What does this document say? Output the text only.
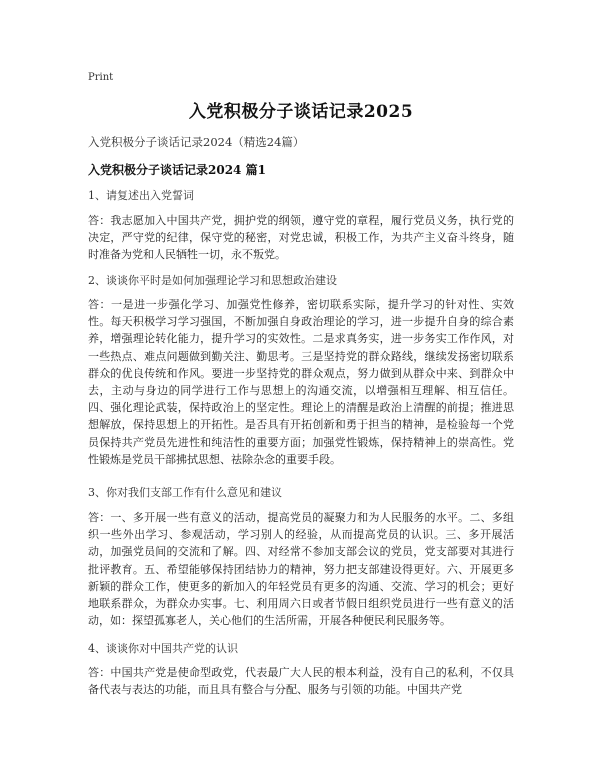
Print
入党积极分子谈话记录2025
入党积极分子谈话记录2024（精选24篇）
入党积极分子谈话记录2024 篇1
1、请复述出入党誓词
答：我志愿加入中国共产党，拥护党的纲领，遵守党的章程，履行党员义务，执行党的决定，严守党的纪律，保守党的秘密，对党忠诚，积极工作，为共产主义奋斗终身，随时准备为党和人民牺牲一切，永不叛党。
2、谈谈你平时是如何加强理论学习和思想政治建设
答：一是进一步强化学习、加强党性修养，密切联系实际，提升学习的针对性、实效性。每天积极学习学习强国，不断加强自身政治理论的学习，进一步提升自身的综合素养，增强理论转化能力，提升学习的实效性。二是求真务实，进一步务实工作作风，对一些热点、难点问题做到勤关注、勤思考。三是坚持党的群众路线，继续发扬密切联系群众的优良传统和作风。要进一步坚持党的群众观点，努力做到从群众中来、到群众中去，主动与身边的同学进行工作与思想上的沟通交流，以增强相互理解、相互信任。四、强化理论武装，保持政治上的坚定性。理论上的清醒是政治上清醒的前提；推进思想解放，保持思想上的开拓性。是否具有开拓创新和勇于担当的精神，是检验每一个党员保持共产党员先进性和纯洁性的重要方面；加强党性锻炼，保持精神上的崇高性。党性锻炼是党员干部拂拭思想、祛除杂念的重要手段。
3、你对我们支部工作有什么意见和建议
答：一、多开展一些有意义的活动，提高党员的凝聚力和为人民服务的水平。二、多组织一些外出学习、参观活动，学习别人的经验，从而提高党员的认识。三、多开展活动，加强党员间的交流和了解。四、对经常不参加支部会议的党员，党支部要对其进行批评教育。五、希望能够保持团结协力的精神，努力把支部建设得更好。六、开展更多新颖的群众工作，使更多的新加入的年轻党员有更多的沟通、交流、学习的机会；更好地联系群众，为群众办实事。七、利用周六日或者节假日组织党员进行一些有意义的活动，如：探望孤寡老人，关心他们的生活所需，开展各种便民利民服务等。
4、谈谈你对中国共产党的认识
答：中国共产党是使命型政党，代表最广大人民的根本利益，没有自己的私利，不仅具备代表与表达的功能，而且具有整合与分配、服务与引领的功能。中国共产党
